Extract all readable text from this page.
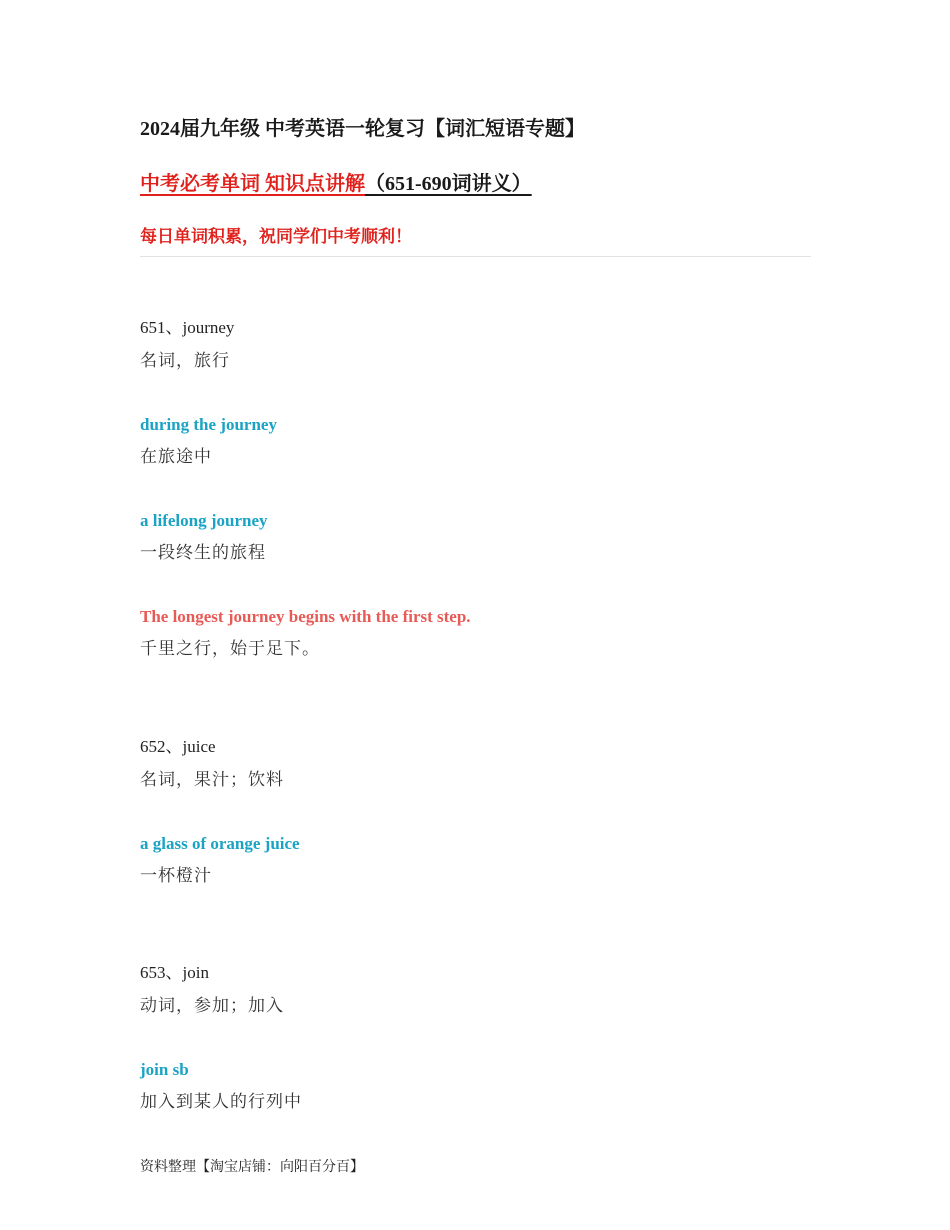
2024届九年级 中考英语一轮复习【词汇短语专题】
中考必考单词 知识点讲解（651-690词讲义）
每日单词积累，祝同学们中考顺利！
651、journey
名词，旅行
during the journey
在旅途中
a lifelong journey
一段终生的旅程
The longest journey begins with the first step.
千里之行，始于足下。
652、juice
名词，果汁；饮料
a glass of orange juice
一杯橙汁
653、join
动词，参加；加入
join sb
加入到某人的行列中
资料整理【淘宝店铺：向阳百分百】
